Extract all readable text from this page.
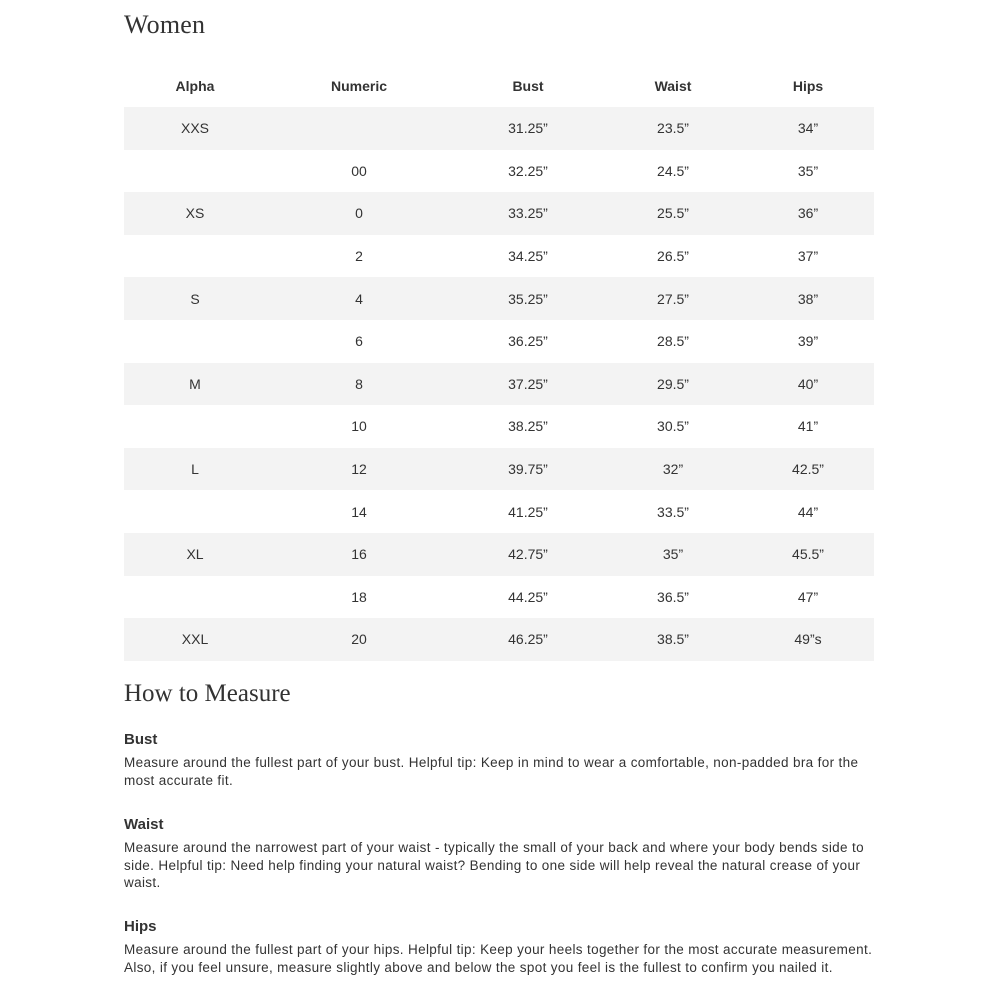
Women
Alpha	Numeric	Bust	Waist	Hips
XXS		31.25”	23.5”	34”
	00	32.25”	24.5”	35”
XS	0	33.25”	25.5”	36”
	2	34.25”	26.5”	37”
S	4	35.25”	27.5”	38”
	6	36.25”	28.5”	39”
M	8	37.25”	29.5”	40”
	10	38.25”	30.5”	41”
L	12	39.75”	32”	42.5”
	14	41.25”	33.5”	44”
XL	16	42.75”	35”	45.5”
	18	44.25”	36.5”	47”
XXL	20	46.25”	38.5”	49”s
How to Measure
Bust

Measure around the fullest part of your bust. Helpful tip: Keep in mind to wear a comfortable, non-padded bra for the most accurate fit.

Waist

Measure around the narrowest part of your waist - typically the small of your back and where your body bends side to side. Helpful tip: Need help finding your natural waist? Bending to one side will help reveal the natural crease of your waist.

Hips

Measure around the fullest part of your hips. Helpful tip: Keep your heels together for the most accurate measurement. Also, if you feel unsure, measure slightly above and below the spot you feel is the fullest to confirm you nailed it.
